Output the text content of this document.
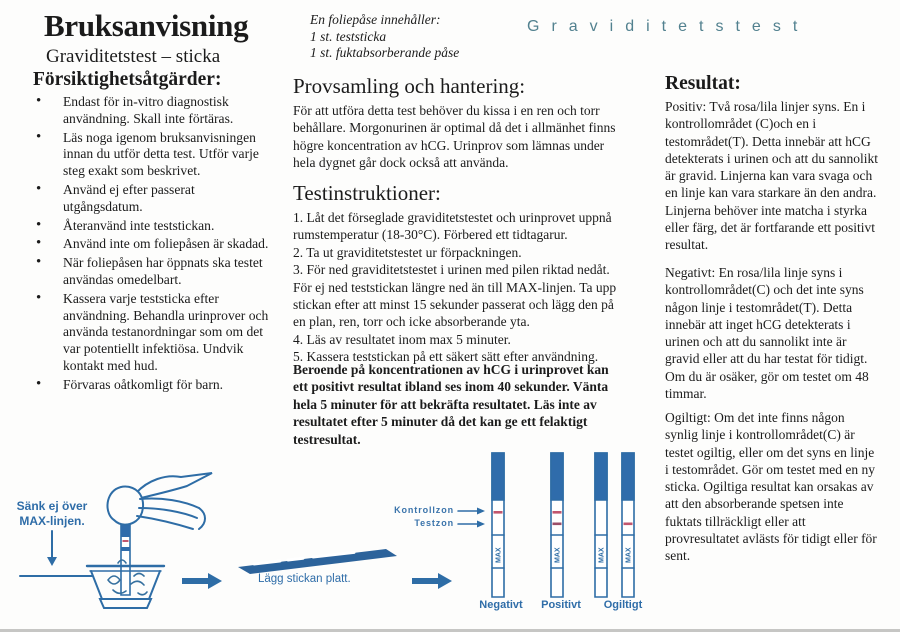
Bruksanvisning
Graviditetstest – sticka
En foliepåse innehåller:
1 st. teststicka
1 st. fuktabsorberande påse
Graviditetstest
Försiktighetsåtgärder:
• Endast för in-vitro diagnostisk användning. Skall inte förtäras.
• Läs noga igenom bruksanvisningen innan du utför detta test. Utför varje steg exakt som beskrivet.
• Använd ej efter passerat utgångsdatum.
• Återanvänd inte teststickan.
• Använd inte om foliepåsen är skadad.
• När foliepåsen har öppnats ska testet användas omedelbart.
• Kassera varje teststicka efter användning. Behandla urinprover och använda testanordningar som om det var potentiellt infektiösa. Undvik kontakt med hud.
• Förvaras oåtkomligt för barn.
Provsamling och hantering:
För att utföra detta test behöver du kissa i en ren och torr behållare. Morgonurinen är optimal då det i allmänhet finns högre koncentration av hCG. Urinprov som lämnas under hela dygnet går dock också att använda.
Testinstruktioner:
1. Låt det förseglade graviditetstestet och urinprovet uppnå rumstemperatur (18-30°C). Förbered ett tidtagarur.
2. Ta ut graviditetstestet ur förpackningen.
3. För ned graviditetstestet i urinen med pilen riktad nedåt. För ej ned teststickan längre ned än till MAX-linjen. Ta upp stickan efter att minst 15 sekunder passerat och lägg den på en plan, ren, torr och icke absorberande yta.
4. Läs av resultatet inom max 5 minuter.
5. Kassera teststickan på ett säkert sätt efter användning.
Beroende på koncentrationen av hCG i urinprovet kan ett positivt resultat ibland ses inom 40 sekunder. Vänta hela 5 minuter för att bekräfta resultatet. Läs inte av resultatet efter 5 minuter då det kan ge ett felaktigt testresultat.
Resultat:
Positiv: Två rosa/lila linjer syns. En i kontrollområdet (C)och en i testområdet(T). Detta innebär att hCG detekterats i urinen och att du sannolikt är gravid. Linjerna kan vara svaga och en linje kan vara starkare än den andra. Linjerna behöver inte matcha i styrka eller färg, det är fortfarande ett positivt resultat.
Negativt: En rosa/lila linje syns i kontrollområdet(C) och det inte syns någon linje i testområdet(T). Detta innebär att inget hCG detekterats i urinen och att du sannolikt inte är gravid eller att du har testat för tidigt. Om du är osäker, gör om testet om 48 timmar.
Ogiltigt: Om det inte finns någon synlig linje i kontrollområdet(C) är testet ogiltig, eller om det syns en linje i testområdet. Gör om testet med en ny sticka. Ogiltiga resultat kan orsakas av att den absorberande spetsen inte fuktats tillräckligt eller att provresultatet avlästs för tidigt eller för sent.
Sänk ej över MAX-linjen.
Kontrollzon
Testzon
Lägg stickan platt.
Negativt	Positivt	Ogiltigt
MAX	MAX	MAX	MAX
